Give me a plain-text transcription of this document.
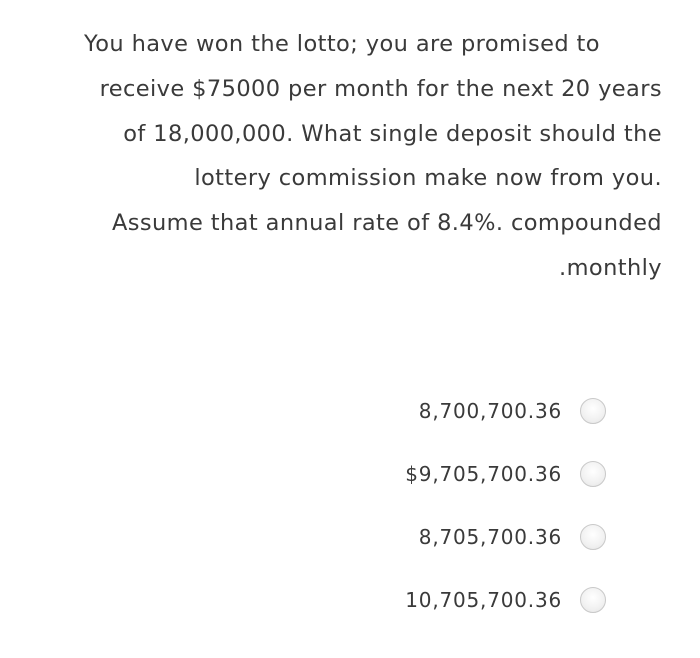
You have won the lotto; you are promised to
receive $75000 per month for the next 20 years
of 18,000,000. What single deposit should the
lottery commission make now from you.
Assume that annual rate of 8.4%. compounded
.monthly
8,700,700.36
$9,705,700.36
8,705,700.36
10,705,700.36
